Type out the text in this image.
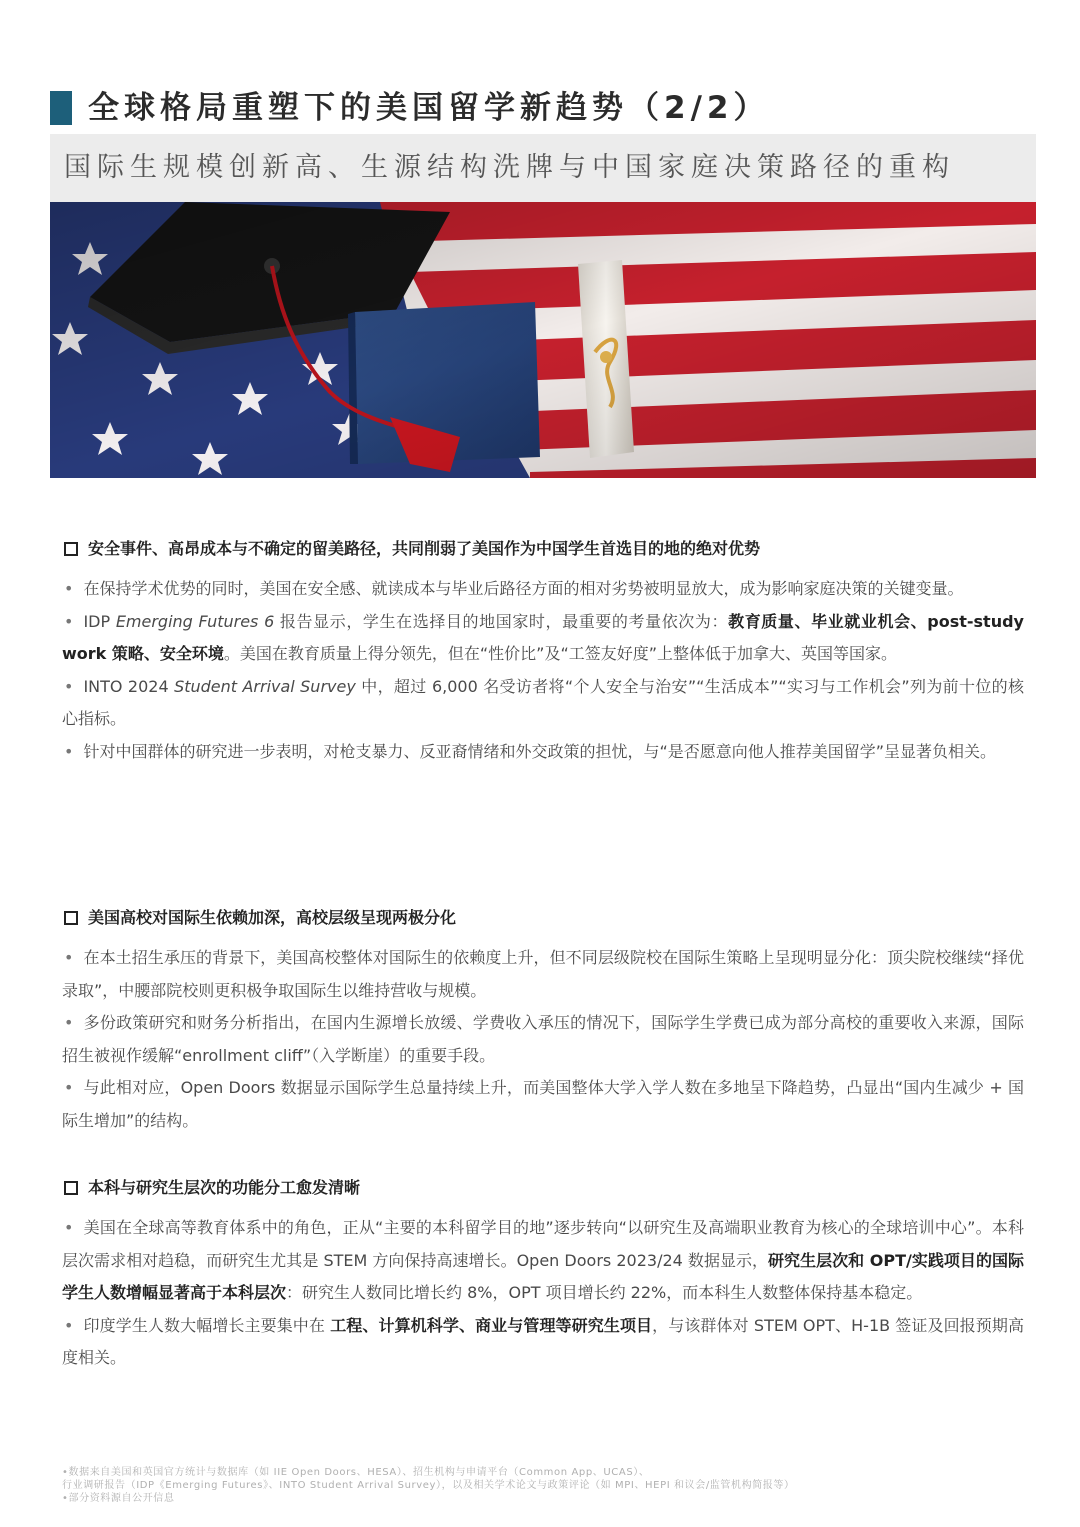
全球格局重塑下的美国留学新趋势（2/2）
国际生规模创新高、生源结构洗牌与中国家庭决策路径的重构
安全事件、高昂成本与不确定的留美路径，共同削弱了美国作为中国学生首选目的地的绝对优势

• 在保持学术优势的同时，美国在安全感、就读成本与毕业后路径方面的相对劣势被明显放大，成为影响家庭决策的关键变量。

• IDP Emerging Futures 6 报告显示，学生在选择目的地国家时，最重要的考量依次为：教育质量、毕业就业机会、post-study work 策略、安全环境。美国在教育质量上得分领先，但在“性价比”及“工签友好度”上整体低于加拿大、英国等国家。

• INTO 2024 Student Arrival Survey 中，超过 6,000 名受访者将“个人安全与治安”“生活成本”“实习与工作机会”列为前十位的核心指标。

• 针对中国群体的研究进一步表明，对枪支暴力、反亚裔情绪和外交政策的担忧，与“是否愿意向他人推荐美国留学”呈显著负相关。

美国高校对国际生依赖加深，高校层级呈现两极分化

• 在本土招生承压的背景下，美国高校整体对国际生的依赖度上升，但不同层级院校在国际生策略上呈现明显分化：顶尖院校继续“择优录取”，中腰部院校则更积极争取国际生以维持营收与规模。

• 多份政策研究和财务分析指出，在国内生源增长放缓、学费收入承压的情况下，国际学生学费已成为部分高校的重要收入来源，国际招生被视作缓解“enrollment cliff”（入学断崖）的重要手段。

• 与此相对应，Open Doors 数据显示国际学生总量持续上升，而美国整体大学入学人数在多地呈下降趋势，凸显出“国内生减少 + 国际生增加”的结构。

本科与研究生层次的功能分工愈发清晰

• 美国在全球高等教育体系中的角色，正从“主要的本科留学目的地”逐步转向“以研究生及高端职业教育为核心的全球培训中心”。本科层次需求相对趋稳，而研究生尤其是 STEM 方向保持高速增长。Open Doors 2023/24 数据显示，研究生层次和 OPT/实践项目的国际学生人数增幅显著高于本科层次：研究生人数同比增长约 8%，OPT 项目增长约 22%，而本科生人数整体保持基本稳定。

• 印度学生人数大幅增长主要集中在 工程、计算机科学、商业与管理等研究生项目，与该群体对 STEM OPT、H-1B 签证及回报预期高度相关。

•数据来自美国和英国官方统计与数据库（如 IIE Open Doors、HESA）、招生机构与申请平台（Common App、UCAS）、
行业调研报告（IDP《Emerging Futures》、INTO Student Arrival Survey），以及相关学术论文与政策评论（如 MPI、HEPI 和议会/监管机构简报等）
•部分资料源自公开信息
